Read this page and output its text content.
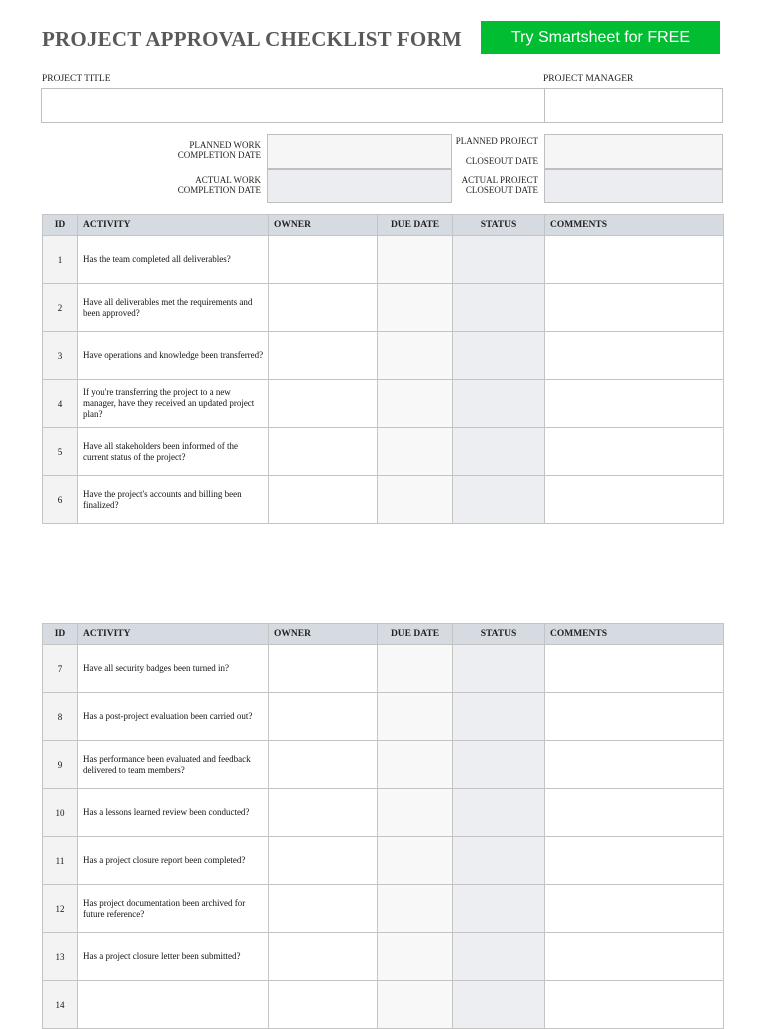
PROJECT APPROVAL CHECKLIST FORM	Try Smartsheet for FREE
PROJECT TITLE	PROJECT MANAGER
PLANNED WORK
COMPLETION DATE
ACTUAL WORK
COMPLETION DATE
PLANNED PROJECT
CLOSEOUT DATE
ACTUAL PROJECT
CLOSEOUT DATE
ID	ACTIVITY	OWNER	DUE DATE	STATUS	COMMENTS
1	Has the team completed all deliverables?				
2	Have all deliverables met the requirements and been approved?				
3	Have operations and knowledge been transferred?				
4	If you're transferring the project to a new manager, have they received an updated project plan?				
5	Have all stakeholders been informed of the current status of the project?				
6	Have the project's accounts and billing been finalized?				
ID	ACTIVITY	OWNER	DUE DATE	STATUS	COMMENTS
7	Have all security badges been turned in?				
8	Has a post-project evaluation been carried out?				
9	Has performance been evaluated and feedback delivered to team members?				
10	Has a lessons learned review been conducted?				
11	Has a project closure report been completed?				
12	Has project documentation been archived for future reference?				
13	Has a project closure letter been submitted?				
14					
